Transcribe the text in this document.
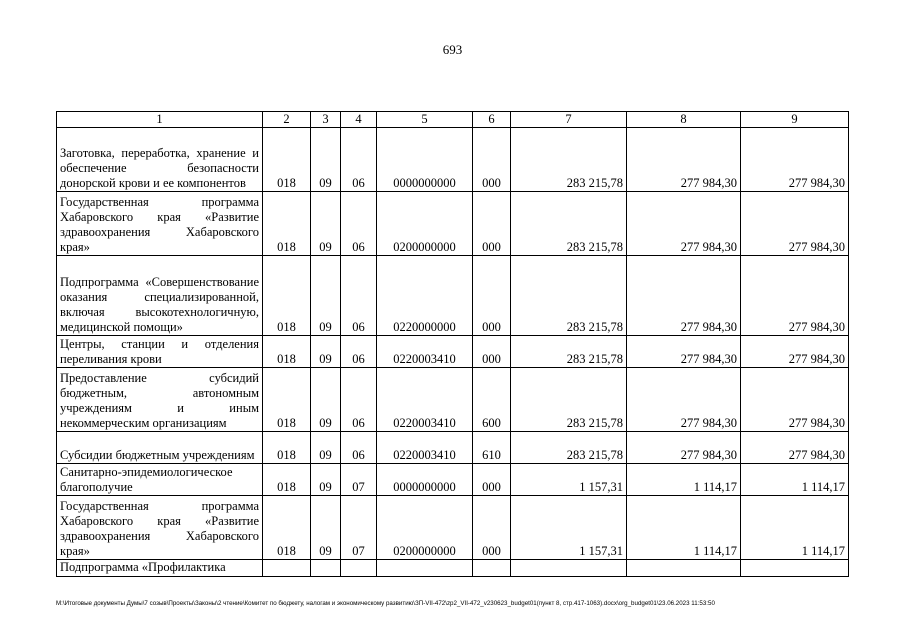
693
1	2	3	4	5	6	7	8	9
Заготовка, переработка, хранение и обеспечение безопасности донорской крови и ее компонентов	018	09	06	0000000000	000	283 215,78	277 984,30	277 984,30
Государственная программа Хабаровского края «Развитие здравоохранения Хабаровского края»	018	09	06	0200000000	000	283 215,78	277 984,30	277 984,30
Подпрограмма «Совершенствование оказания специализированной, включая высокотехнологичную, медицинской помощи»	018	09	06	0220000000	000	283 215,78	277 984,30	277 984,30
Центры, станции и отделения переливания крови	018	09	06	0220003410	000	283 215,78	277 984,30	277 984,30
Предоставление субсидий бюджетным, автономным учреждениям и иным некоммерческим организациям	018	09	06	0220003410	600	283 215,78	277 984,30	277 984,30
Субсидии бюджетным учреждениям	018	09	06	0220003410	610	283 215,78	277 984,30	277 984,30
Санитарно-эпидемиологическое благополучие	018	09	07	0000000000	000	1 157,31	1 114,17	1 114,17
Государственная программа Хабаровского края «Развитие здравоохранения Хабаровского края»	018	09	07	0200000000	000	1 157,31	1 114,17	1 114,17
Подпрограмма «Профилактика								
M:\Итоговые документы Думы\7 созыв\Проекты\Законы\2 чтение\Комитет по бюджету, налогам и экономическому развитию\ЗП-VII-472\zp2_VII-472_v230623_budget01(пункт 8, стр.417-1063).docx\org_budget01\23.06.2023 11:53:50
